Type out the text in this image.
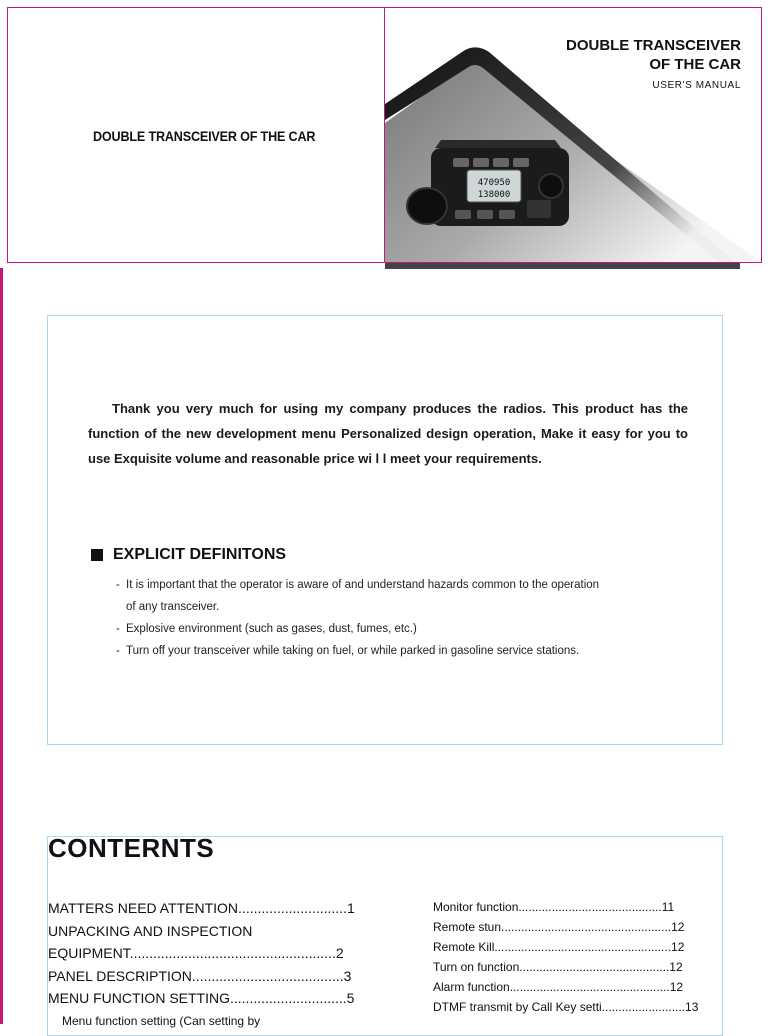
DOUBLE TRANSCEIVER OF THE CAR
470950
138000
DOUBLE TRANSCEIVER
OF THE CAR
USER'S MANUAL

Thank you very much for using my company produces the radios. This product has the function of the new development menu Personalized design operation, Make it easy for you to use Exquisite volume and reasonable price wi l l meet your requirements.

EXPLICIT DEFINITONS

- It is important that the operator is aware of and understand hazards common to the operation
of any transceiver.

- Explosive environment (such as gases, dust, fumes, etc.)

- Turn off your transceiver while taking on fuel, or while parked in gasoline service stations.

CONTERNTS
MATTERS NEED ATTENTION............................1
UNPACKING AND INSPECTION
EQUIPMENT.....................................................2
PANEL DESCRIPTION.......................................3
MENU FUNCTION SETTING..............................5
Menu function setting (Can setting by
Monitor function...........................................11
Remote stun...................................................12
Remote Kill.....................................................12
Turn on function.............................................12
Alarm function................................................12
DTMF transmit by Call Key setti.........................13
